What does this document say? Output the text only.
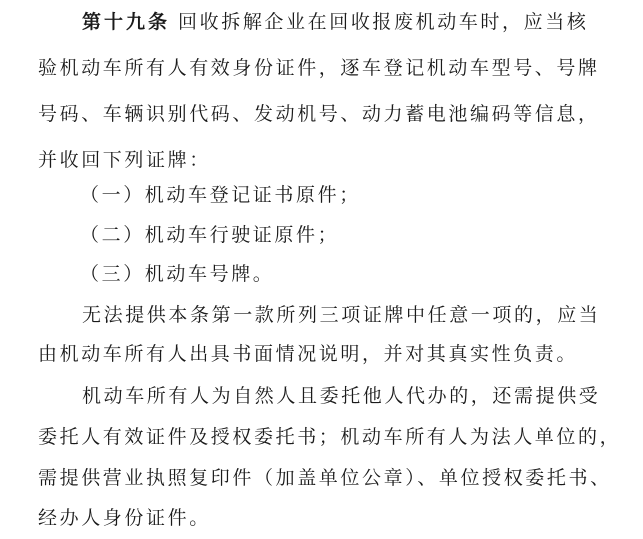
第十九条 回收拆解企业在回收报废机动车时，应当核
验机动车所有人有效身份证件，逐车登记机动车型号、号牌
号码、车辆识别代码、发动机号、动力蓄电池编码等信息，
并收回下列证牌：
（一）机动车登记证书原件；
（二）机动车行驶证原件；
（三）机动车号牌。
无法提供本条第一款所列三项证牌中任意一项的，应当
由机动车所有人出具书面情况说明，并对其真实性负责。
机动车所有人为自然人且委托他人代办的，还需提供受
委托人有效证件及授权委托书；机动车所有人为法人单位的，
需提供营业执照复印件（加盖单位公章）、单位授权委托书、
经办人身份证件。
